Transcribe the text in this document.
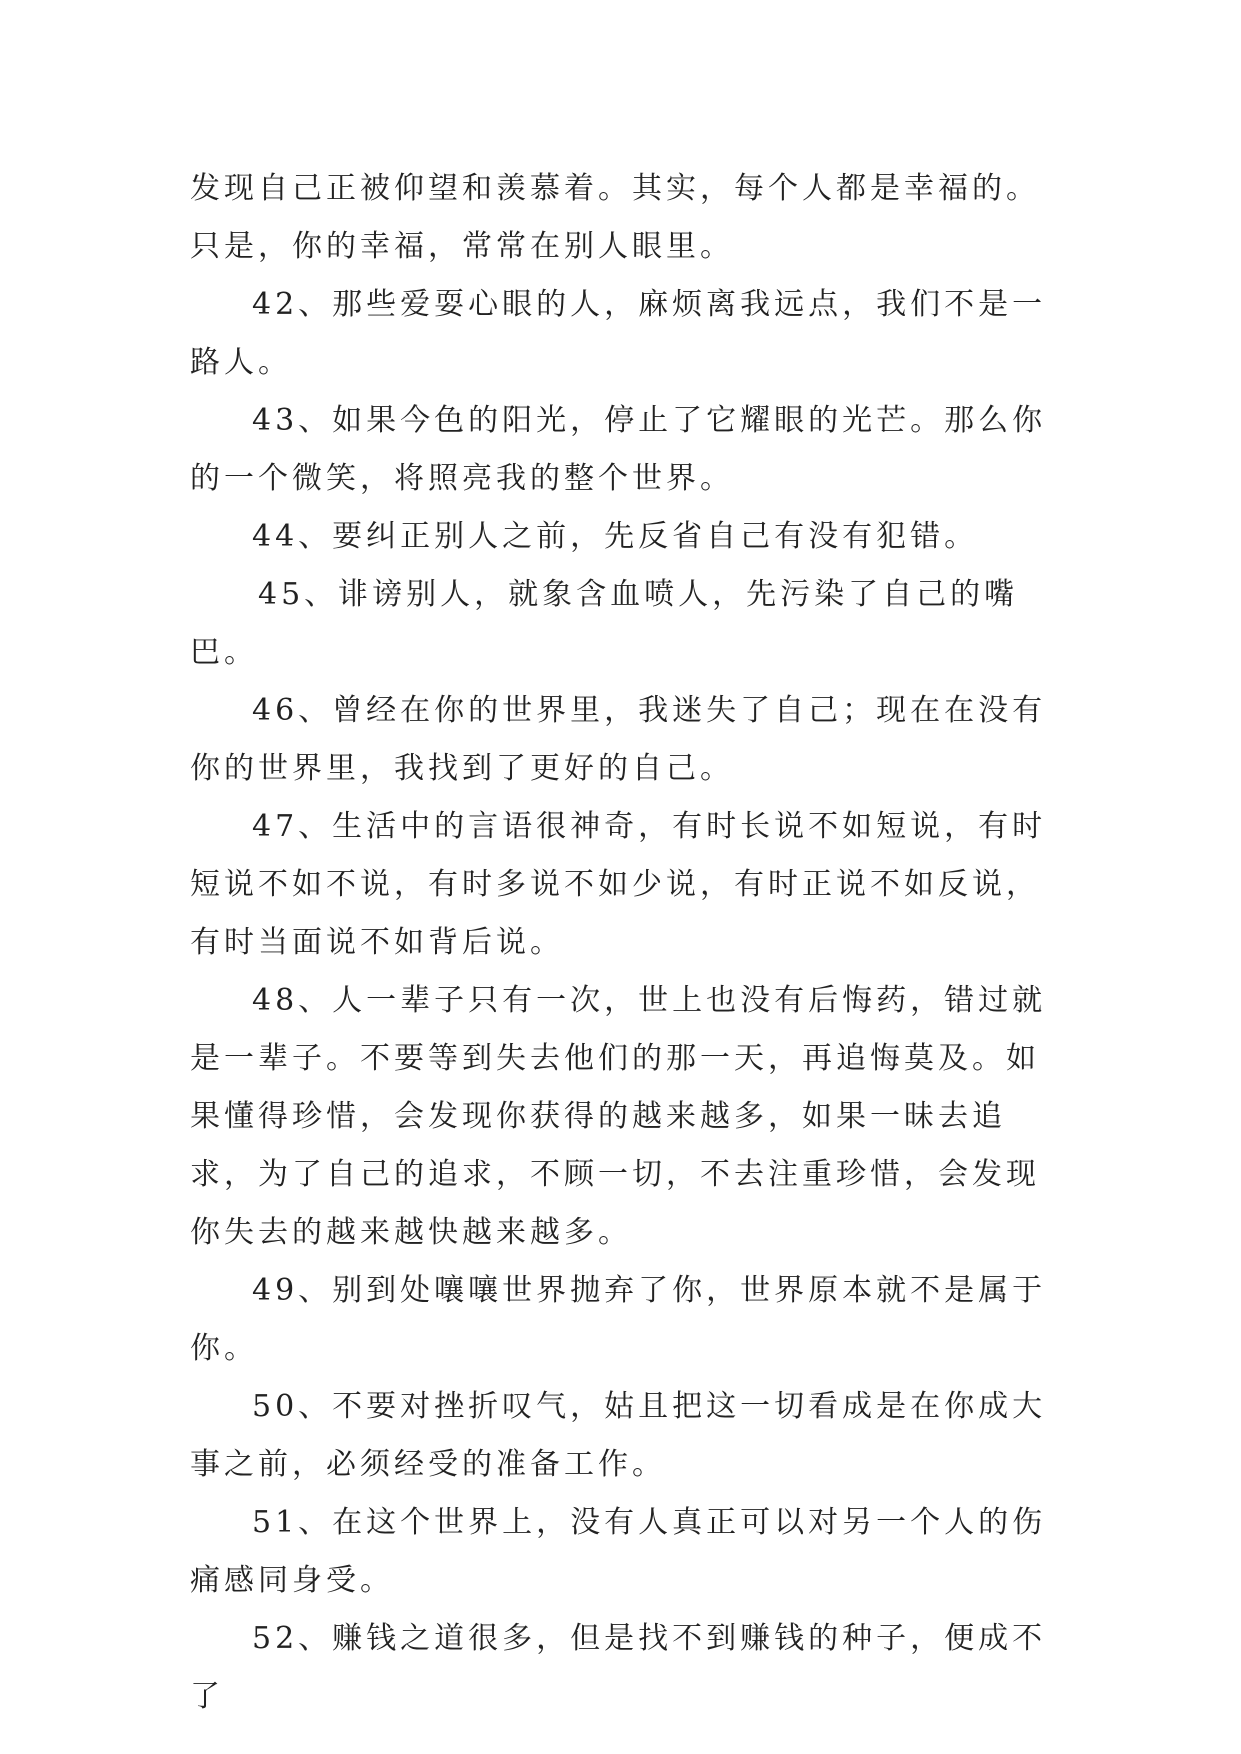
发现自己正被仰望和羡慕着。其实，每个人都是幸福的。只是，你的幸福，常常在别人眼里。

42、那些爱耍心眼的人，麻烦离我远点，我们不是一路人。

43、如果今色的阳光，停止了它耀眼的光芒。那么你的一个微笑，将照亮我的整个世界。

44、要纠正别人之前，先反省自己有没有犯错。

45、诽谤别人，就象含血喷人，先污染了自己的嘴巴。

46、曾经在你的世界里，我迷失了自己；现在在没有你的世界里，我找到了更好的自己。

47、生活中的言语很神奇，有时长说不如短说，有时短说不如不说，有时多说不如少说，有时正说不如反说，有时当面说不如背后说。

48、人一辈子只有一次，世上也没有后悔药，错过就是一辈子。不要等到失去他们的那一天，再追悔莫及。如果懂得珍惜，会发现你获得的越来越多，如果一昧去追求，为了自己的追求，不顾一切，不去注重珍惜，会发现你失去的越来越快越来越多。

49、别到处嚷嚷世界抛弃了你，世界原本就不是属于你。

50、不要对挫折叹气，姑且把这一切看成是在你成大事之前，必须经受的准备工作。

51、在这个世界上，没有人真正可以对另一个人的伤痛感同身受。

52、赚钱之道很多，但是找不到赚钱的种子，便成不了
